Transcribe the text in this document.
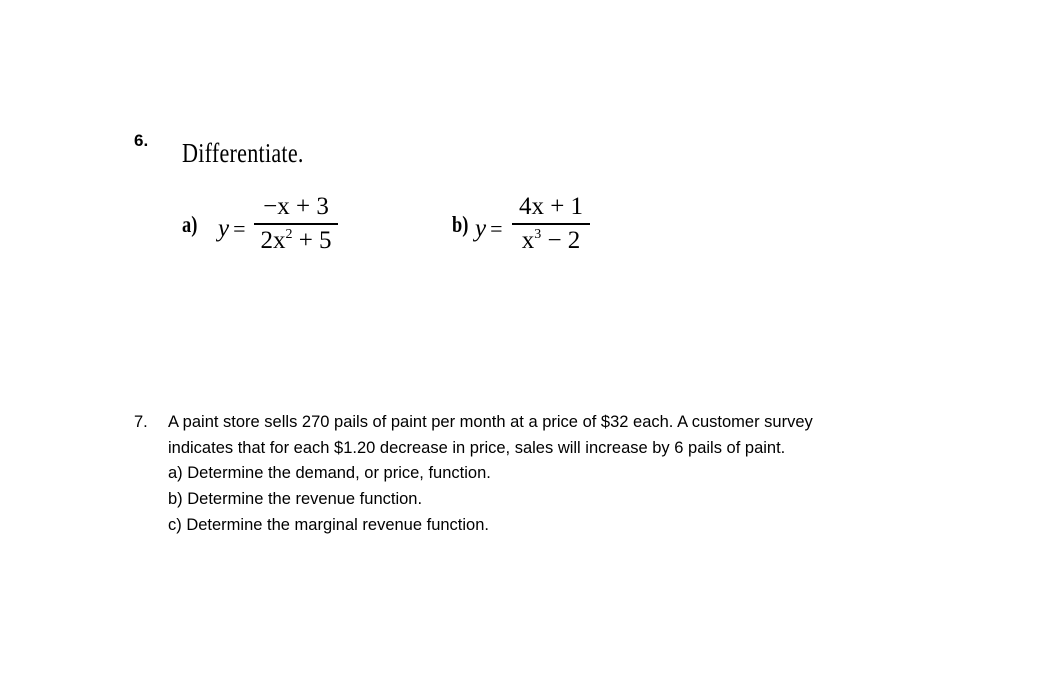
6. Differentiate.
a) y =
−x + 3
$2x^2 + 5$
b) y =
4x + 1
$x^3 - 2$
7.	A paint store sells 270 pails of paint per month at a price of $32 each. A customer survey
indicates that for each $1.20 decrease in price, sales will increase by 6 pails of paint.
a) Determine the demand, or price, function.
b) Determine the revenue function.
c) Determine the marginal revenue function.
